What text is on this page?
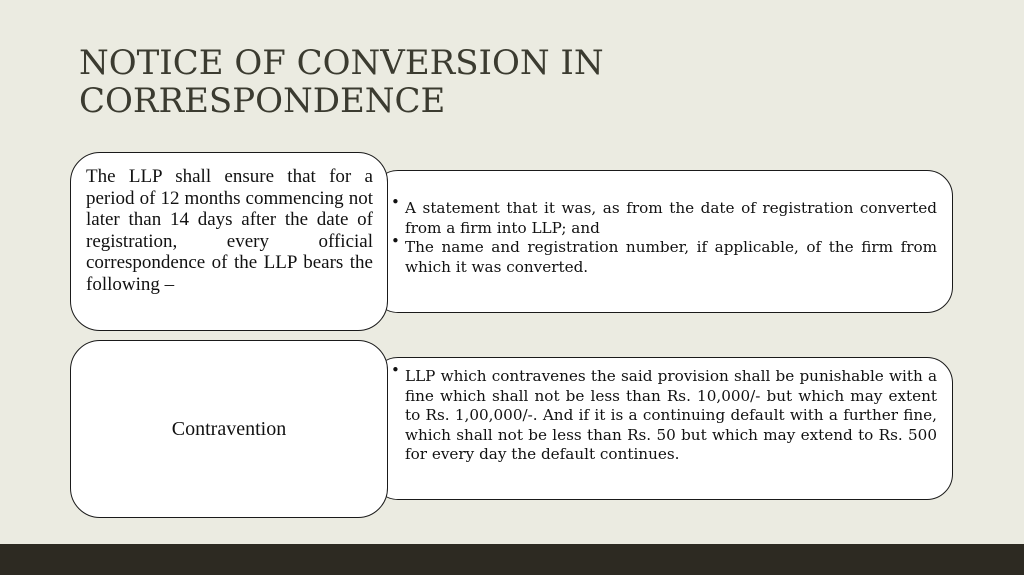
NOTICE OF CONVERSION IN CORRESPONDENCE
The LLP shall ensure that for a period of 12 months commencing not later than 14 days after the date of registration, every official correspondence of the LLP bears the following –
• A statement that it was, as from the date of registration converted from a firm into LLP; and
• The name and registration number, if applicable, of the firm from which it was converted.
Contravention
• LLP which contravenes the said provision shall be punishable with a fine which shall not be less than Rs. 10,000/- but which may extent to Rs. 1,00,000/-. And if it is a continuing default with a further fine, which shall not be less than Rs. 50 but which may extend to Rs. 500 for every day the default continues.
